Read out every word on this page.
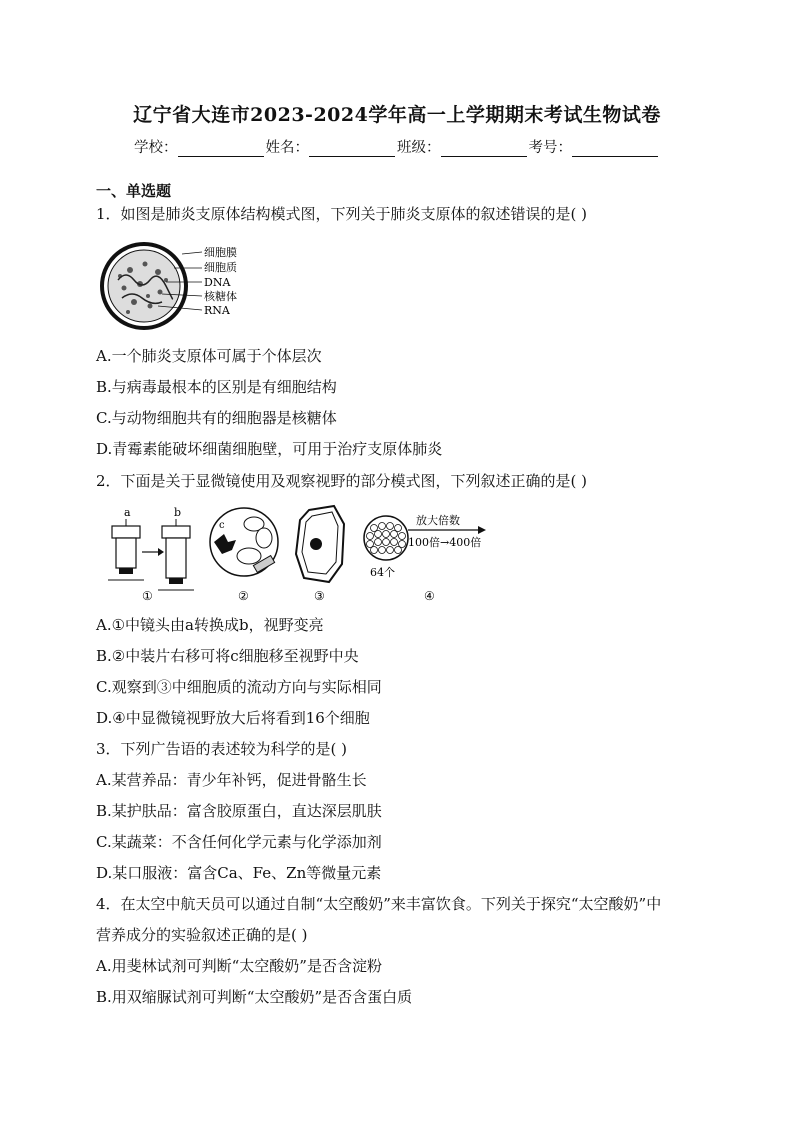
辽宁省大连市2023-2024学年高一上学期期末考试生物试卷
学校：	姓名：	班级：	考号：
一、单选题
1．如图是肺炎支原体结构模式图，下列关于肺炎支原体的叙述错误的是( )
细胞膜
细胞质
DNA
核糖体
RNA
A.一个肺炎支原体可属于个体层次
B.与病毒最根本的区别是有细胞结构
C.与动物细胞共有的细胞器是核糖体
D.青霉素能破坏细菌细胞壁，可用于治疗支原体肺炎
2．下面是关于显微镜使用及观察视野的部分模式图，下列叙述正确的是( )
a	b
①
c
②	③
64个
放大倍数
100倍→400倍
④
A.①中镜头由a转换成b，视野变亮
B.②中装片右移可将c细胞移至视野中央
C.观察到③中细胞质的流动方向与实际相同
D.④中显微镜视野放大后将看到16个细胞
3．下列广告语的表述较为科学的是( )
A.某营养品：青少年补钙，促进骨骼生长
B.某护肤品：富含胶原蛋白，直达深层肌肤
C.某蔬菜：不含任何化学元素与化学添加剂
D.某口服液：富含Ca、Fe、Zn等微量元素
4．在太空中航天员可以通过自制“太空酸奶”来丰富饮食。下列关于探究“太空酸奶”中
营养成分的实验叙述正确的是( )
A.用斐林试剂可判断“太空酸奶”是否含淀粉
B.用双缩脲试剂可判断“太空酸奶”是否含蛋白质
